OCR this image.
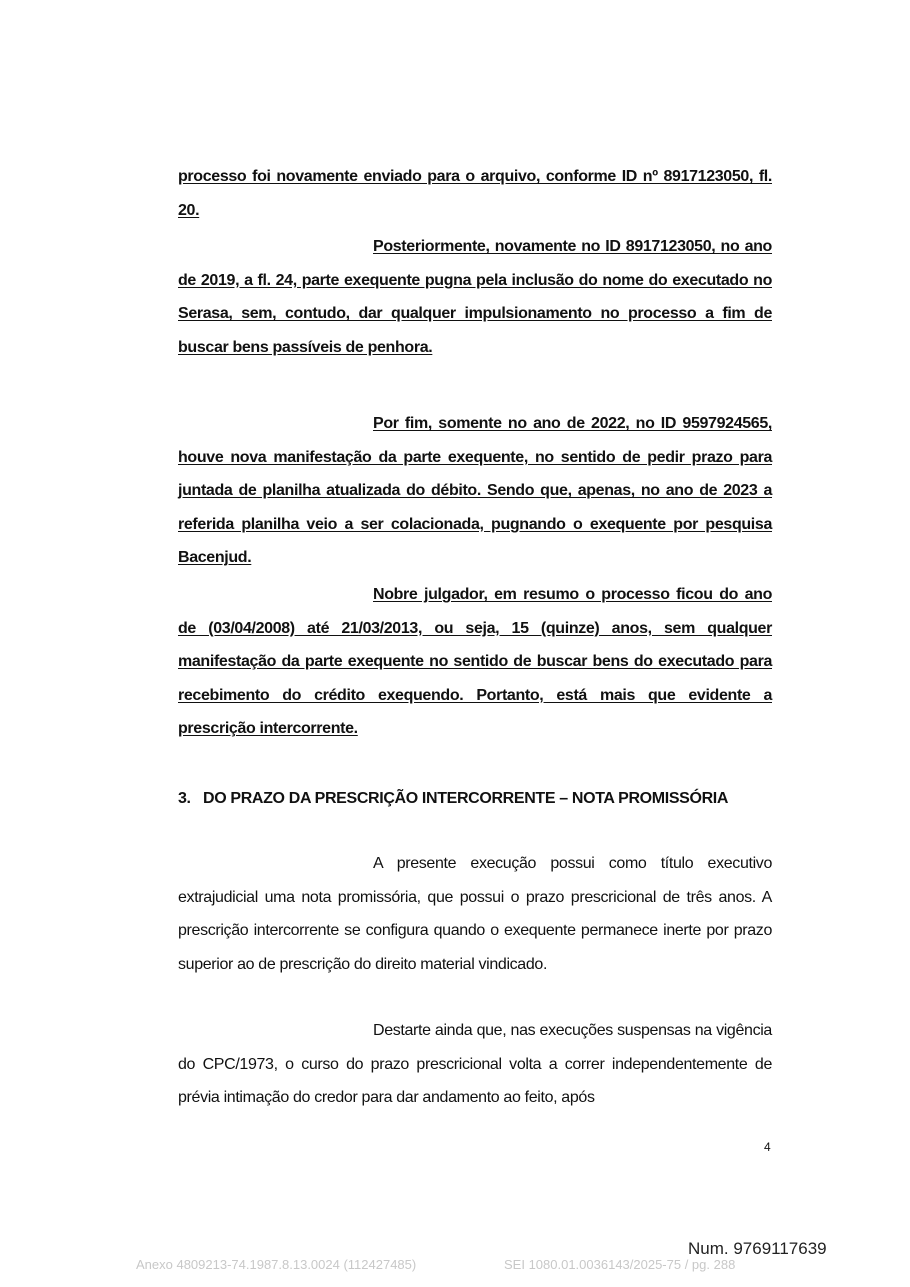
processo foi novamente enviado para o arquivo, conforme ID nº 8917123050, fl. 20.

Posteriormente, novamente no ID 8917123050, no ano de 2019, a fl. 24, parte exequente pugna pela inclusão do nome do executado no Serasa, sem, contudo, dar qualquer impulsionamento no processo a fim de buscar bens passíveis de penhora.

Por fim, somente no ano de 2022, no ID 9597924565, houve nova manifestação da parte exequente, no sentido de pedir prazo para juntada de planilha atualizada do débito. Sendo que, apenas, no ano de 2023 a referida planilha veio a ser colacionada, pugnando o exequente por pesquisa Bacenjud.

Nobre julgador, em resumo o processo ficou do ano de (03/04/2008) até 21/03/2013, ou seja, 15 (quinze) anos, sem qualquer manifestação da parte exequente no sentido de buscar bens do executado para recebimento do crédito exequendo. Portanto, está mais que evidente a prescrição intercorrente.

3. DO PRAZO DA PRESCRIÇÃO INTERCORRENTE – NOTA PROMISSÓRIA

A presente execução possui como título executivo extrajudicial uma nota promissória, que possui o prazo prescricional de três anos. A prescrição intercorrente se configura quando o exequente permanece inerte por prazo superior ao de prescrição do direito material vindicado.

Destarte ainda que, nas execuções suspensas na vigência do CPC/1973, o curso do prazo prescricional volta a correr independentemente de prévia intimação do credor para dar andamento ao feito, após

4
Num. 9769117639
Anexo 4809213-74.1987.8.13.0024 (112427485)	SEI 1080.01.0036143/2025-75 / pg. 288
